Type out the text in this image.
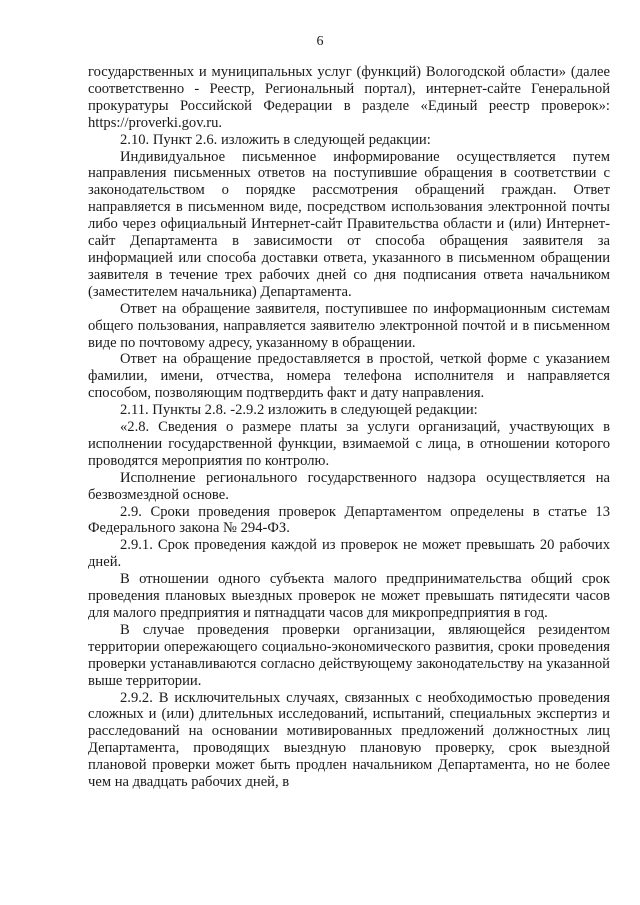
6

государственных и муниципальных услуг (функций) Вологодской области» (далее соответственно - Реестр, Региональный портал), интернет-сайте Генеральной прокуратуры Российской Федерации в разделе «Единый реестр проверок»: https://proverki.gov.ru.

2.10. Пункт 2.6. изложить в следующей редакции:

Индивидуальное письменное информирование осуществляется путем направления письменных ответов на поступившие обращения в соответствии с законодательством о порядке рассмотрения обращений граждан. Ответ направляется в письменном виде, посредством использования электронной почты либо через официальный Интернет-сайт Правительства области и (или) Интернет-сайт Департамента в зависимости от способа обращения заявителя за информацией или способа доставки ответа, указанного в письменном обращении заявителя в течение трех рабочих дней со дня подписания ответа начальником (заместителем начальника) Департамента.

Ответ на обращение заявителя, поступившее по информационным системам общего пользования, направляется заявителю электронной почтой и в письменном виде по почтовому адресу, указанному в обращении.

Ответ на обращение предоставляется в простой, четкой форме с указанием фамилии, имени, отчества, номера телефона исполнителя и направляется способом, позволяющим подтвердить факт и дату направления.

2.11. Пункты 2.8. -2.9.2 изложить в следующей редакции:

«2.8. Сведения о размере платы за услуги организаций, участвующих в исполнении государственной функции, взимаемой с лица, в отношении которого проводятся мероприятия по контролю.

Исполнение регионального государственного надзора осуществляется на безвозмездной основе.

2.9. Сроки проведения проверок Департаментом определены в статье 13 Федерального закона № 294-ФЗ.

2.9.1. Срок проведения каждой из проверок не может превышать 20 рабочих дней.

В отношении одного субъекта малого предпринимательства общий срок проведения плановых выездных проверок не может превышать пятидесяти часов для малого предприятия и пятнадцати часов для микропредприятия в год.

В случае проведения проверки организации, являющейся резидентом территории опережающего социально-экономического развития, сроки проведения проверки устанавливаются согласно действующему законодательству на указанной выше территории.

2.9.2. В исключительных случаях, связанных с необходимостью проведения сложных и (или) длительных исследований, испытаний, специальных экспертиз и расследований на основании мотивированных предложений должностных лиц Департамента, проводящих выездную плановую проверку, срок выездной плановой проверки может быть продлен начальником Департамента, но не более чем на двадцать рабочих дней, в
